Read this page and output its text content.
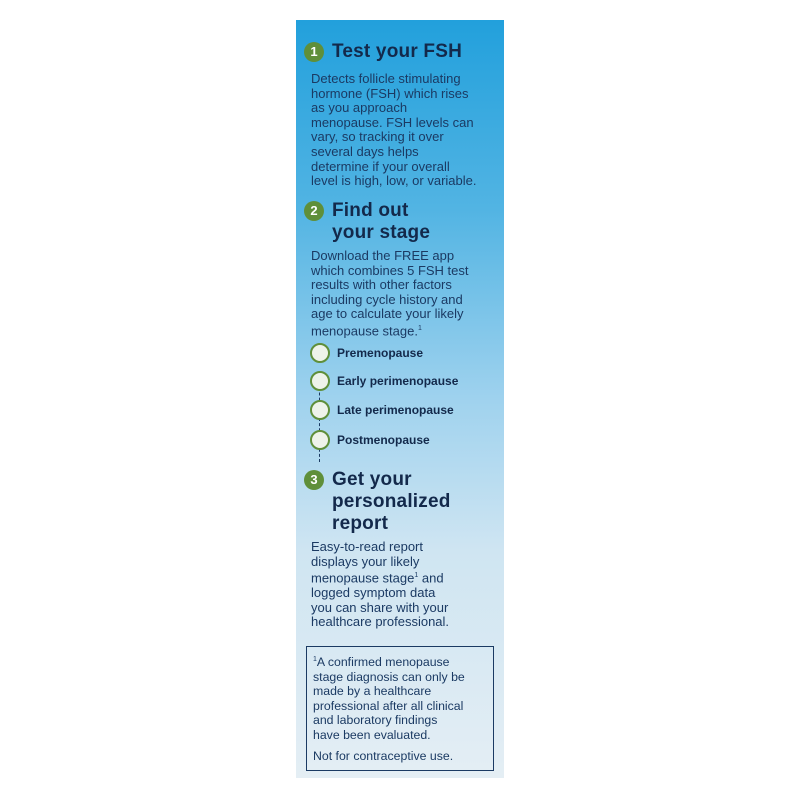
1 Test your FSH
Detects follicle stimulating
hormone (FSH) which rises
as you approach
menopause. FSH levels can
vary, so tracking it over
several days helps
determine if your overall
level is high, low, or variable.
2 Find out
your stage
Download the FREE app
which combines 5 FSH test
results with other factors
including cycle history and
age to calculate your likely
menopause stage.$^1$
Premenopause
Early perimenopause
Late perimenopause
Postmenopause
3 Get your
personalized
report
Easy-to-read report
displays your likely
menopause stage$^1$ and
logged symptom data
you can share with your
healthcare professional.
$^1$A confirmed menopause
stage diagnosis can only be
made by a healthcare
professional after all clinical
and laboratory findings
have been evaluated.
Not for contraceptive use.
